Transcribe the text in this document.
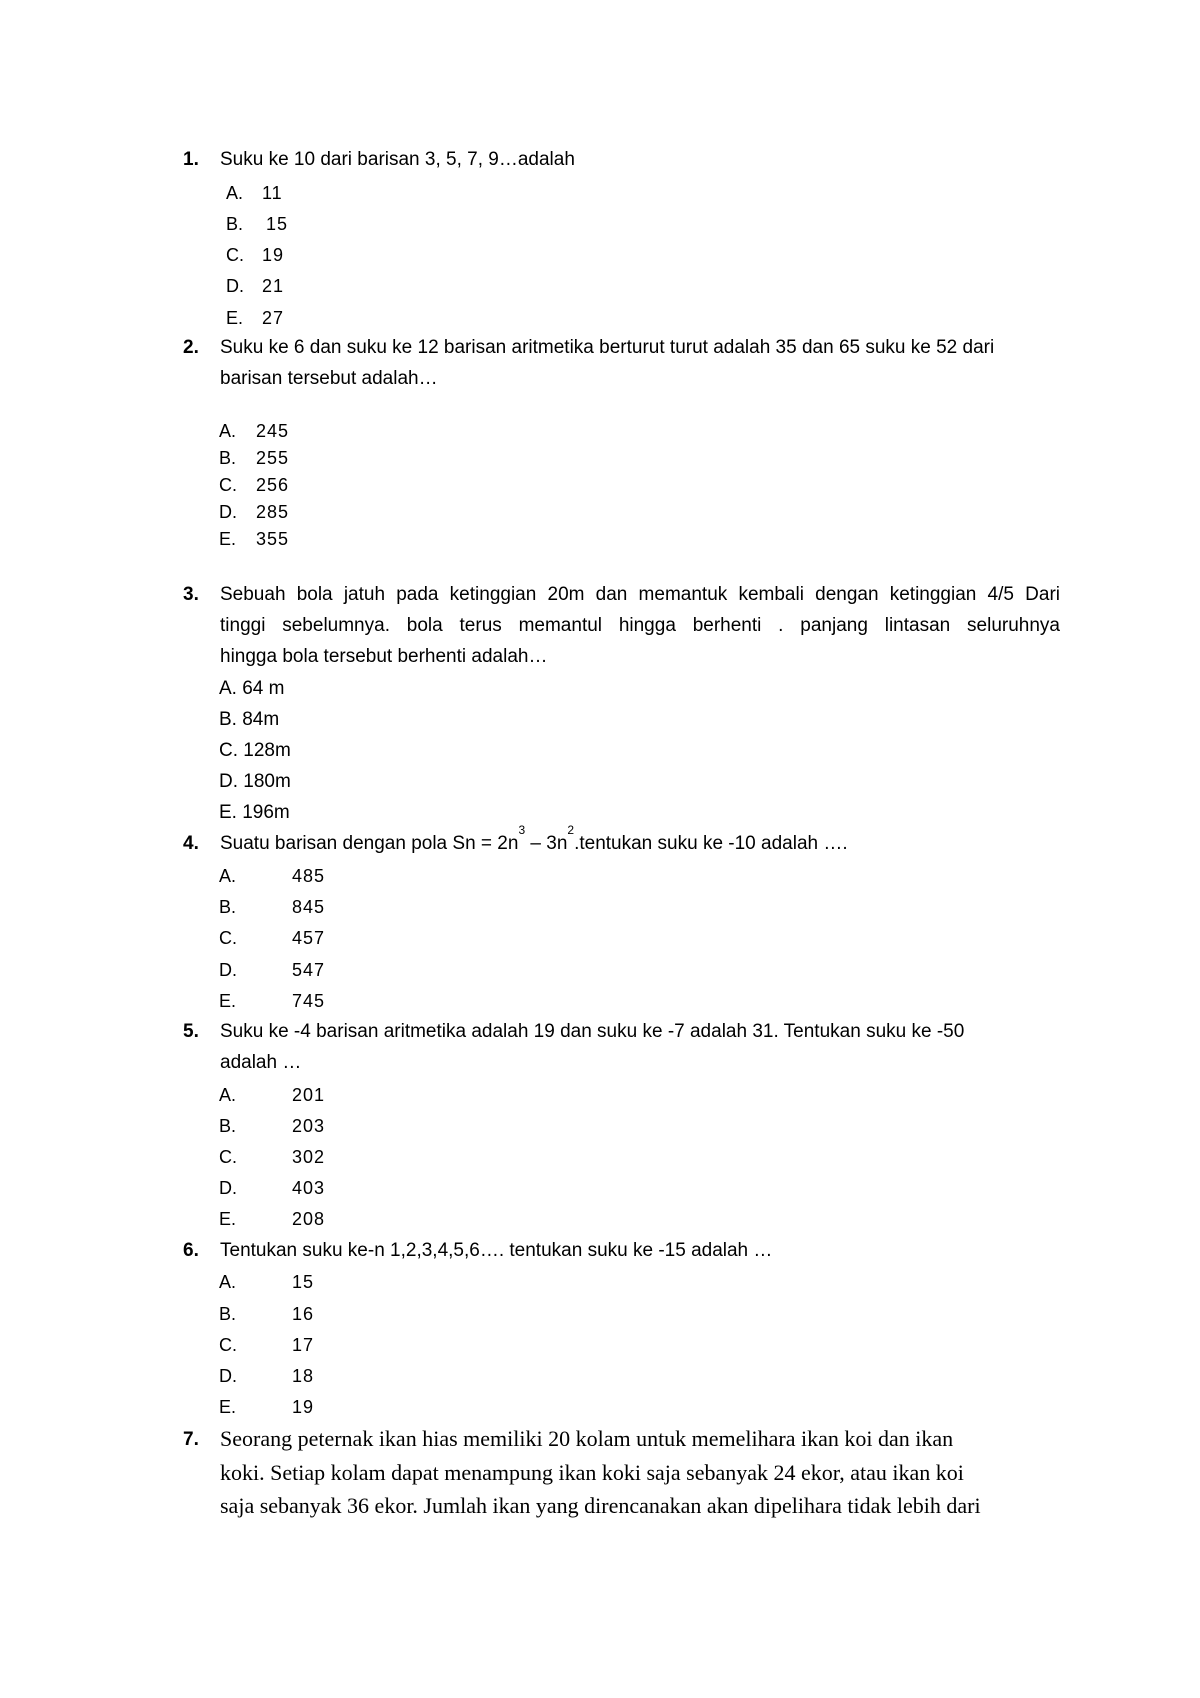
1. Suku ke 10 dari barisan 3, 5, 7, 9…adalah
A. 11
B. 15
C. 19
D. 21
E. 27
2. Suku ke 6 dan suku ke 12 barisan aritmetika berturut turut adalah 35 dan 65 suku ke 52 dari
barisan tersebut adalah…
A. 245
B. 255
C. 256
D. 285
E. 355
3. Sebuah bola jatuh pada ketinggian 20m dan memantuk kembali dengan ketinggian 4/5 Dari
tinggi sebelumnya. bola terus memantul hingga berhenti . panjang lintasan seluruhnya
hingga bola tersebut berhenti adalah…
A. 64 m
B. 84m
C. 128m
D. 180m
E. 196m
4. Suatu barisan dengan pola $Sn = 2n^3$ – $3n^2.tentukan$ suku ke -10 adalah ….
A.	485
B.	845
C.	457
D.	547
E.	745
5. Suku ke -4 barisan aritmetika adalah 19 dan suku ke -7 adalah 31. Tentukan suku ke -50
adalah …
A.	201
B.	203
C.	302
D.	403
E.	208
6. Tentukan suku ke-n 1,2,3,4,5,6…. tentukan suku ke -15 adalah …
A.	15
B.	16
C.	17
D.	18
E.	19
7. Seorang peternak ikan hias memiliki 20 kolam untuk memelihara ikan koi dan ikan
koki. Setiap kolam dapat menampung ikan koki saja sebanyak 24 ekor, atau ikan koi
saja sebanyak 36 ekor. Jumlah ikan yang direncanakan akan dipelihara tidak lebih dari
